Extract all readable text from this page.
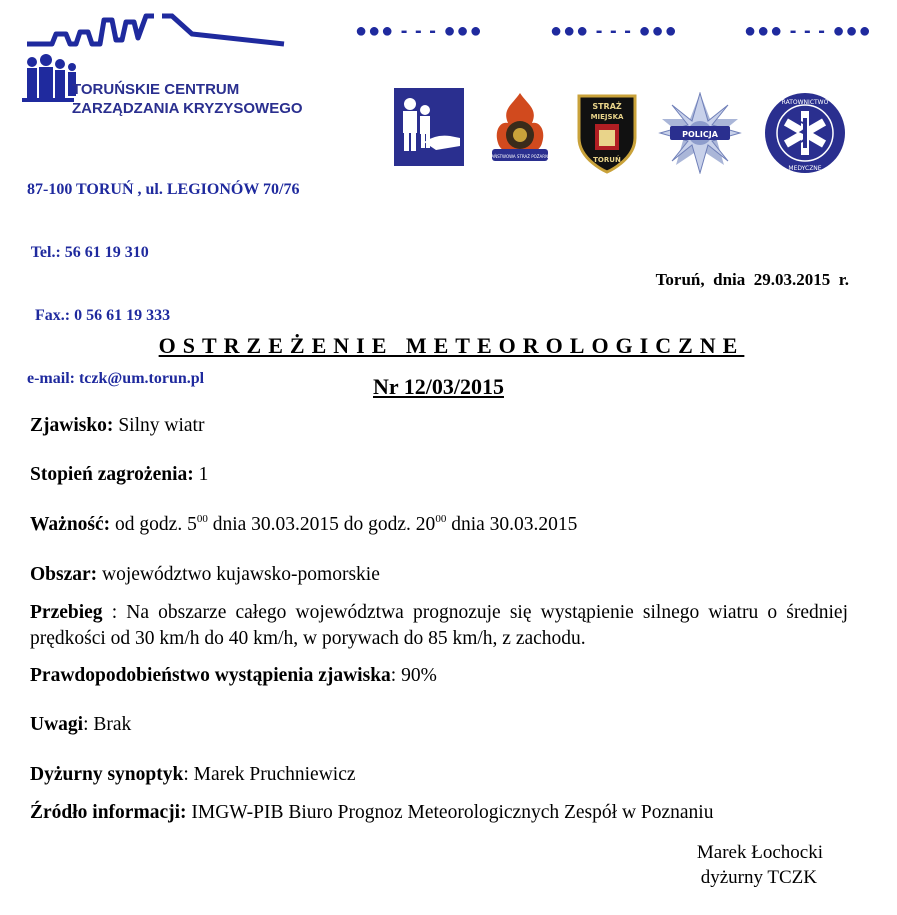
TORUŃSKIE CENTRUM
ZARZĄDZANIA KRYZYSOWEGO

87-100 TORUŃ , ul. LEGIONÓW 70/76

Tel.: 56 61 19 310

Fax.: 0 56 61 19 333

e-mail: tczk@um.torun.pl

●●● - - - ●●●	●●● - - - ●●●	●●● - - - ●●●
PAŃSTWOWA STRAŻ POŻARNA
STRAŻ
MIEJSKA
TORUŃ
POLICJA
RATOWNICTWO
MEDYCZNE
Toruń,  dnia  29.03.2015  r.
OSTRZEŻENIE METEOROLOGICZNE
Nr 12/03/2015
Zjawisko: Silny wiatr
Stopień zagrożenia: 1
Ważność: od godz. $5^{00}$ dnia 30.03.2015 do godz. $20^{00}$ dnia 30.03.2015
Obszar: województwo kujawsko-pomorskie
Przebieg : Na obszarze całego województwa prognozuje się wystąpienie silnego wiatru o średniej prędkości od 30 km/h do 40 km/h, w porywach do 85 km/h, z zachodu.
Prawdopodobieństwo wystąpienia zjawiska: 90%
Uwagi: Brak
Dyżurny synoptyk: Marek Pruchniewicz
Źródło informacji: IMGW-PIB Biuro Prognoz Meteorologicznych Zespół w Poznaniu
Marek Łochocki
dyżurny TCZK
